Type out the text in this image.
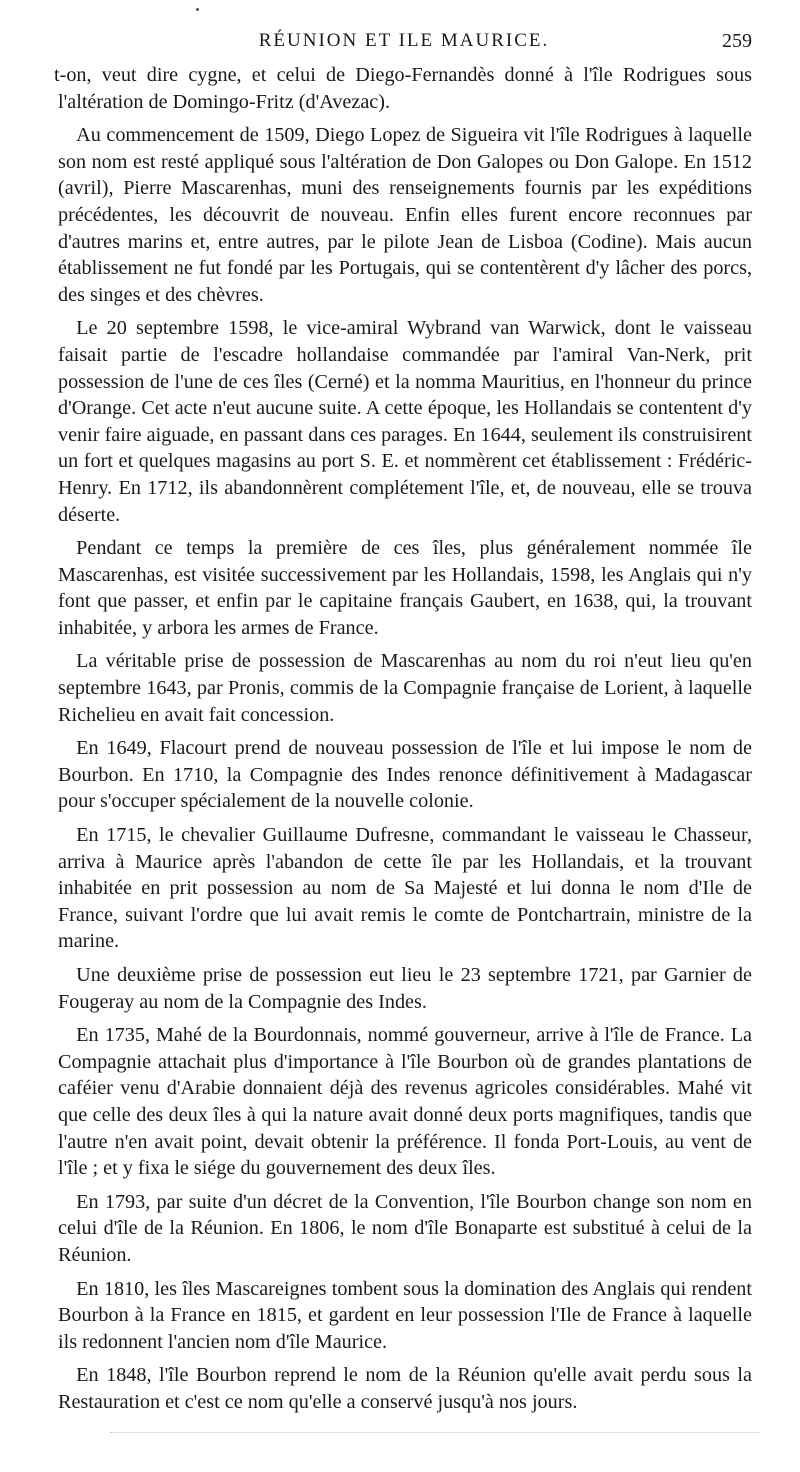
RÉUNION ET ILE MAURICE.	259

t-on, veut dire cygne, et celui de Diego-Fernandès donné à l'île Rodrigues sous l'altération de Domingo-Fritz (d'Avezac).

Au commencement de 1509, Diego Lopez de Sigueira vit l'île Rodrigues à laquelle son nom est resté appliqué sous l'altération de Don Galopes ou Don Galope. En 1512 (avril), Pierre Mascarenhas, muni des renseignements fournis par les expéditions précédentes, les découvrit de nouveau. Enfin elles furent encore reconnues par d'autres marins et, entre autres, par le pilote Jean de Lisboa (Codine). Mais aucun établissement ne fut fondé par les Portugais, qui se contentèrent d'y lâcher des porcs, des singes et des chèvres.

Le 20 septembre 1598, le vice-amiral Wybrand van Warwick, dont le vaisseau faisait partie de l'escadre hollandaise commandée par l'amiral Van-Nerk, prit possession de l'une de ces îles (Cerné) et la nomma Mauritius, en l'honneur du prince d'Orange. Cet acte n'eut aucune suite. A cette époque, les Hollandais se contentent d'y venir faire aiguade, en passant dans ces parages. En 1644, seulement ils construisirent un fort et quelques magasins au port S. E. et nommèrent cet établissement : Frédéric-Henry. En 1712, ils abandonnèrent complétement l'île, et, de nouveau, elle se trouva déserte.

Pendant ce temps la première de ces îles, plus généralement nommée île Mascarenhas, est visitée successivement par les Hollandais, 1598, les Anglais qui n'y font que passer, et enfin par le capitaine français Gaubert, en 1638, qui, la trouvant inhabitée, y arbora les armes de France.

La véritable prise de possession de Mascarenhas au nom du roi n'eut lieu qu'en septembre 1643, par Pronis, commis de la Compagnie française de Lorient, à laquelle Richelieu en avait fait concession.

En 1649, Flacourt prend de nouveau possession de l'île et lui impose le nom de Bourbon. En 1710, la Compagnie des Indes renonce définitivement à Madagascar pour s'occuper spécialement de la nouvelle colonie.

En 1715, le chevalier Guillaume Dufresne, commandant le vaisseau le Chasseur, arriva à Maurice après l'abandon de cette île par les Hollandais, et la trouvant inhabitée en prit possession au nom de Sa Majesté et lui donna le nom d'Ile de France, suivant l'ordre que lui avait remis le comte de Pontchartrain, ministre de la marine.

Une deuxième prise de possession eut lieu le 23 septembre 1721, par Garnier de Fougeray au nom de la Compagnie des Indes.

En 1735, Mahé de la Bourdonnais, nommé gouverneur, arrive à l'île de France. La Compagnie attachait plus d'importance à l'île Bourbon où de grandes plantations de caféier venu d'Arabie donnaient déjà des revenus agricoles considérables. Mahé vit que celle des deux îles à qui la nature avait donné deux ports magnifiques, tandis que l'autre n'en avait point, devait obtenir la préférence. Il fonda Port-Louis, au vent de l'île ; et y fixa le siége du gouvernement des deux îles.

En 1793, par suite d'un décret de la Convention, l'île Bourbon change son nom en celui d'île de la Réunion. En 1806, le nom d'île Bonaparte est substitué à celui de la Réunion.

En 1810, les îles Mascareignes tombent sous la domination des Anglais qui rendent Bourbon à la France en 1815, et gardent en leur possession l'Ile de France à laquelle ils redonnent l'ancien nom d'île Maurice.

En 1848, l'île Bourbon reprend le nom de la Réunion qu'elle avait perdu sous la Restauration et c'est ce nom qu'elle a conservé jusqu'à nos jours.
